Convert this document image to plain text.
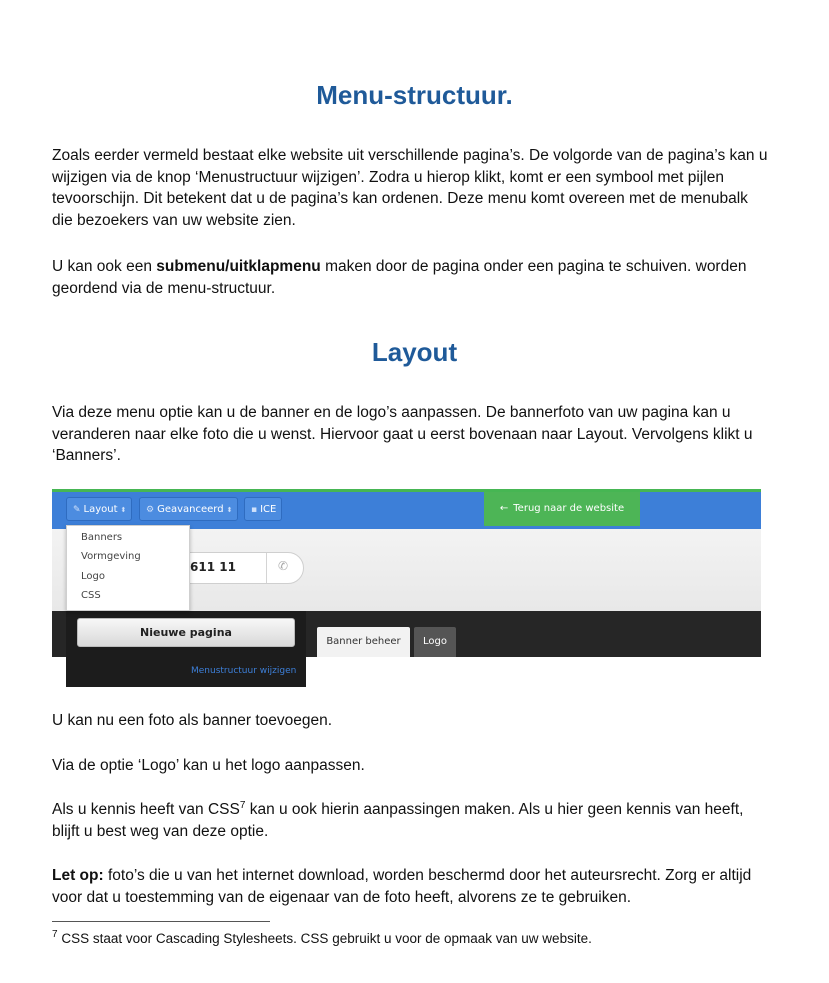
Menu-structuur.

Zoals eerder vermeld bestaat elke website uit verschillende pagina’s. De volgorde van de pagina’s kan u wijzigen via de knop ‘Menustructuur wijzigen’. Zodra u hierop klikt, komt er een symbool met pijlen tevoorschijn. Dit betekent dat u de pagina’s kan ordenen. Deze menu komt overeen met de menubalk die bezoekers van uw website zien.

U kan ook een submenu/uitklapmenu maken door de pagina onder een pagina te schuiven. worden geordend via de menu-structuur.

Layout

Via deze menu optie kan u de banner en de logo’s aanpassen. De bannerfoto van uw pagina kan u veranderen naar elke foto die u wenst. Hiervoor gaat u eerst bovenaan naar Layout. Vervolgens klikt u ‘Banners’.

✎ Layout ⬍	⚙ Geavanceerd ⬍	▪ ICE	← Terug naar de website
611 11	✆
Nieuwe pagina
Menustructuur wijzigen
Banner beheer	Logo
Banners
Vormgeving
Logo
CSS

U kan nu een foto als banner toevoegen.

Via de optie ‘Logo’ kan u het logo aanpassen.

Als u kennis heeft van CSS$^7$ kan u ook hierin aanpassingen maken. Als u hier geen kennis van heeft, blijft u best weg van deze optie.

Let op: foto’s die u van het internet download, worden beschermd door het auteursrecht. Zorg er altijd voor dat u toestemming van de eigenaar van de foto heeft, alvorens ze te gebruiken.

$^7$ CSS staat voor Cascading Stylesheets. CSS gebruikt u voor de opmaak van uw website.
